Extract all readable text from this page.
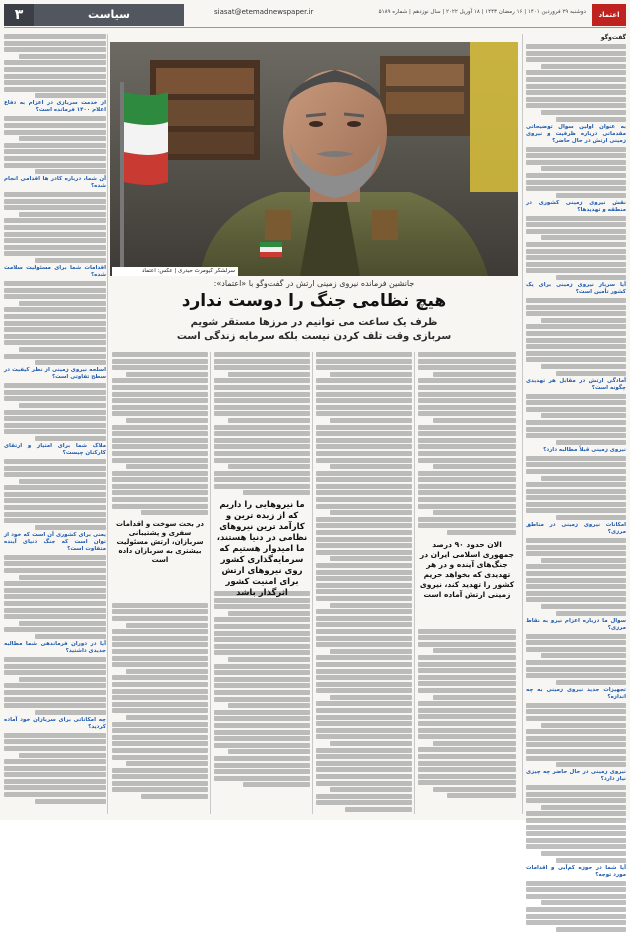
۳	سیاست	siasat@etemadnewspaper.ir	دوشنبه ۲۹ فروردین ۱۴۰۱ | ۱۶ رمضان ۱۴۴۳ | ۱۸ آوریل ۲۰۲۲ | سال نوزدهم | شماره ۵۱۸۹	اعتماد
از خدمت سربازی در اعزام به دفاع اعلام ۱۴۰۰ فرمانده است؟
آن شما، درباره کادر ها اقدامی انجام شده؟
اقدامات شما برای مسئولیت سلامت شده؟
اسلحه نیروی زمینی از نظر کیفیت در سطح تفاوتی است؟
ملاک شما برای امتیاز و ارتقای کارکنان چیست؟
یعنی برای کشوری آن است که خود از توان است که جنگ دنیای آینده متفاوت است؟
آیا در دوران فرماندهی شما مطالبه جدیدی داشتید؟
چه امکاناتی برای سربازان خود آماده کردید؟
سرلشکر کیومرث حیدری | عکس: اعتماد
جانشین فرمانده نیروی زمینی ارتش در گفت‌وگو با «اعتماد»:
هیچ نظامی جنگ را دوست ندارد
ظرف یک ساعت می توانیم در مرزها مستقر شویم
سربازی وقت تلف کردن نیست بلکه سرمایه زندگی است
ما نیروهایی را داریم که از زبده ترین و کارآمد ترین نیروهای نظامی در دنیا هستند، ما امیدوار هستیم که سرمایه‌گذاری کشور روی نیروهای ارتش برای امنیت کشور اثرگذار باشد
در بحث سوخت و اقدامات سفری و پشتیبانی سربازان، ارتش مسئولیت بیشتری به سربازان داده است
الان حدود ۹۰ درصد جمهوری اسلامی ایران در جنگ‌های آینده و در هر تهدیدی که بخواهد حریم کشور را تهدید کند، نیروی زمینی ارتش آماده است
گفت‌وگو
به عنوان اولین سوال توضیحاتی مقدماتی درباره ظرفیت و نیروی زمینی ارتش در حال حاضر؟
نقش نیروی زمینی کشوری در منطقه و تهدیدها؟
آیا سرباز نیروی زمینی برای یک کشور تأمین است؟
آمادگی ارتش در مقابل هر تهدیدی چگونه است؟
نیروی زمینی قبلاً مطالبه دارد؟
امکانات نیروی زمینی در مناطق مرزی؟
سوال ما درباره اعزام نیرو به نقاط مرزی؟
تجهیزات جدید نیروی زمینی به چه اندازه؟
نیروی زمینی در حال حاضر چه چیزی نیاز دارد؟
آیا شما در حوزه کم‌آبی و اقدامات مورد توجه؟
